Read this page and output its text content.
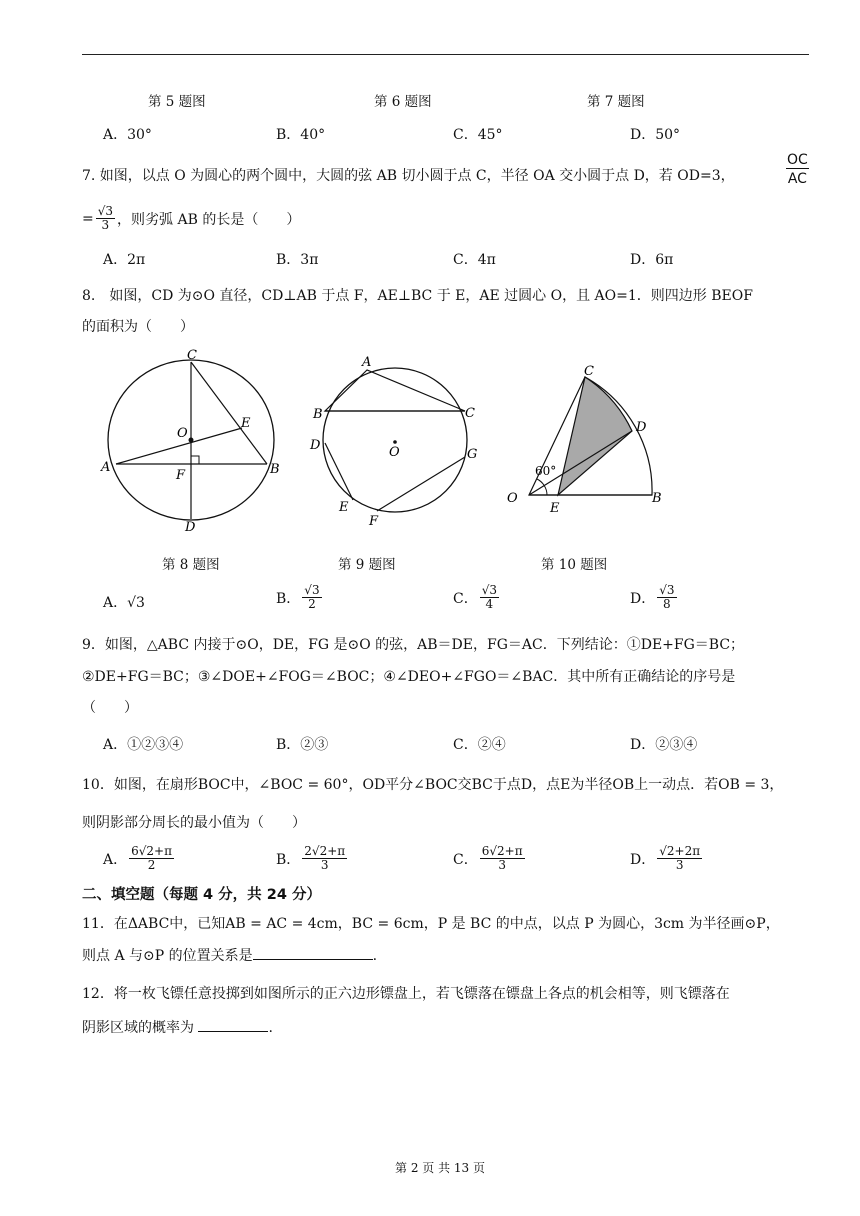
第 5 题图	第 6 题图	第 7 题图
A．30°	B．40°	C．45°	D．50°
7. 如图，以点 O 为圆心的两个圆中，大圆的弦 AB 切小圆于点 C，半径 OA 交小圆于点 D，若 OD=3，	$\frac{OC}{AC}$
= $\frac{√3}{3}$ ，则劣弧 AB 的长是（　　）
A．2π	B．3π	C．4π	D．6π
8.　如图，CD 为⊙O 直径，CD⊥AB 于点 F，AE⊥BC 于 E，AE 过圆心 O，且 AO=1．则四边形 BEOF
的面积为（　　）
C
O
E
A
F	B
D
A
B	C
D	O	G
E
F
C
D
60°
O
E
B
第 8 题图	第 9 题图	第 10 题图
A．√3	B． $\frac{√3}{2}$	C． $\frac{√3}{4}$	D． $\frac{√3}{8}$
9．如图，△ABC 内接于⊙O，DE，FG 是⊙O 的弦，AB＝DE，FG＝AC．下列结论：①DE+FG＝BC；
②DE+FG＝BC；③∠DOE+∠FOG＝∠BOC；④∠DEO+∠FGO＝∠BAC．其中所有正确结论的序号是
（　　）
A．①②③④	B．②③	C．②④	D．②③④
10．如图，在扇形BOC中，∠BOC = 60°，OD平分∠BOC交BC于点D，点E为半径OB上一动点．若OB = 3，
则阴影部分周长的最小值为（　　）
A． $\frac{6√2+\pi}{2}$	B． $\frac{2√2+\pi}{3}$	C． $\frac{6√2+\pi}{3}$	D． $\frac{√2+2\pi}{3}$
二、填空题（每题 4 分，共 24 分）
11．在ΔABC中，已知AB = AC = 4cm，BC = 6cm，P 是 BC 的中点，以点 P 为圆心，3cm 为半径画⊙P，
则点 A 与⊙P 的位置关系是	.
12．将一枚飞镖任意投掷到如图所示的正六边形镖盘上，若飞镖落在镖盘上各点的机会相等，则飞镖落在
阴影区域的概率为	.
第 2 页 共 13 页
